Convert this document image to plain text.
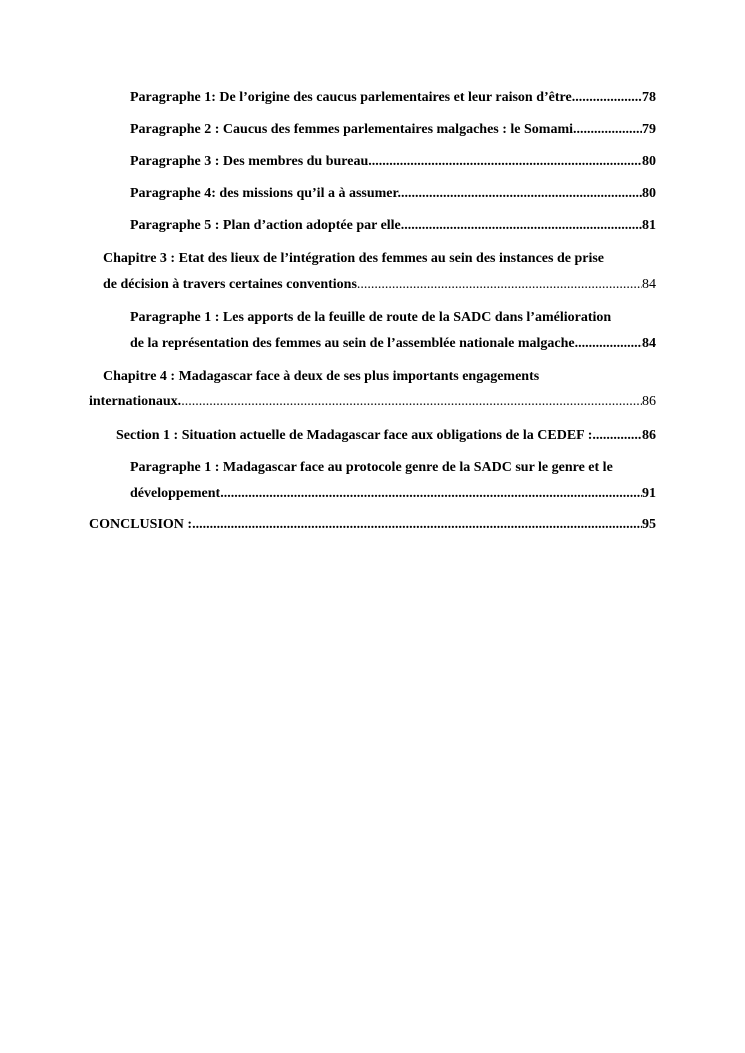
Paragraphe 1: De l’origine des caucus parlementaires et leur raison d’être .....	78
Paragraphe 2 : Caucus des femmes parlementaires malgaches : le Somami .....	79
Paragraphe 3 : Des membres du bureau. .....	80
Paragraphe 4: des missions qu’il a à assumer. .....	80
Paragraphe 5 : Plan d’action adoptée par elle .....	81
Chapitre 3 : Etat des lieux de l’intégration des femmes au sein des instances de prise
de décision à travers certaines conventions .....	84
Paragraphe 1 : Les apports de la feuille de route de la SADC dans l’amélioration
de la représentation des femmes au sein de l’assemblée nationale malgache. .....	84
Chapitre 4 : Madagascar face à deux de ses plus importants engagements
internationaux. .....	86
Section 1 : Situation actuelle de Madagascar face aux obligations de la CEDEF : .....	86
Paragraphe 1 : Madagascar face au protocole genre de la SADC sur le genre et le
développement .....	91
CONCLUSION : .....	95
